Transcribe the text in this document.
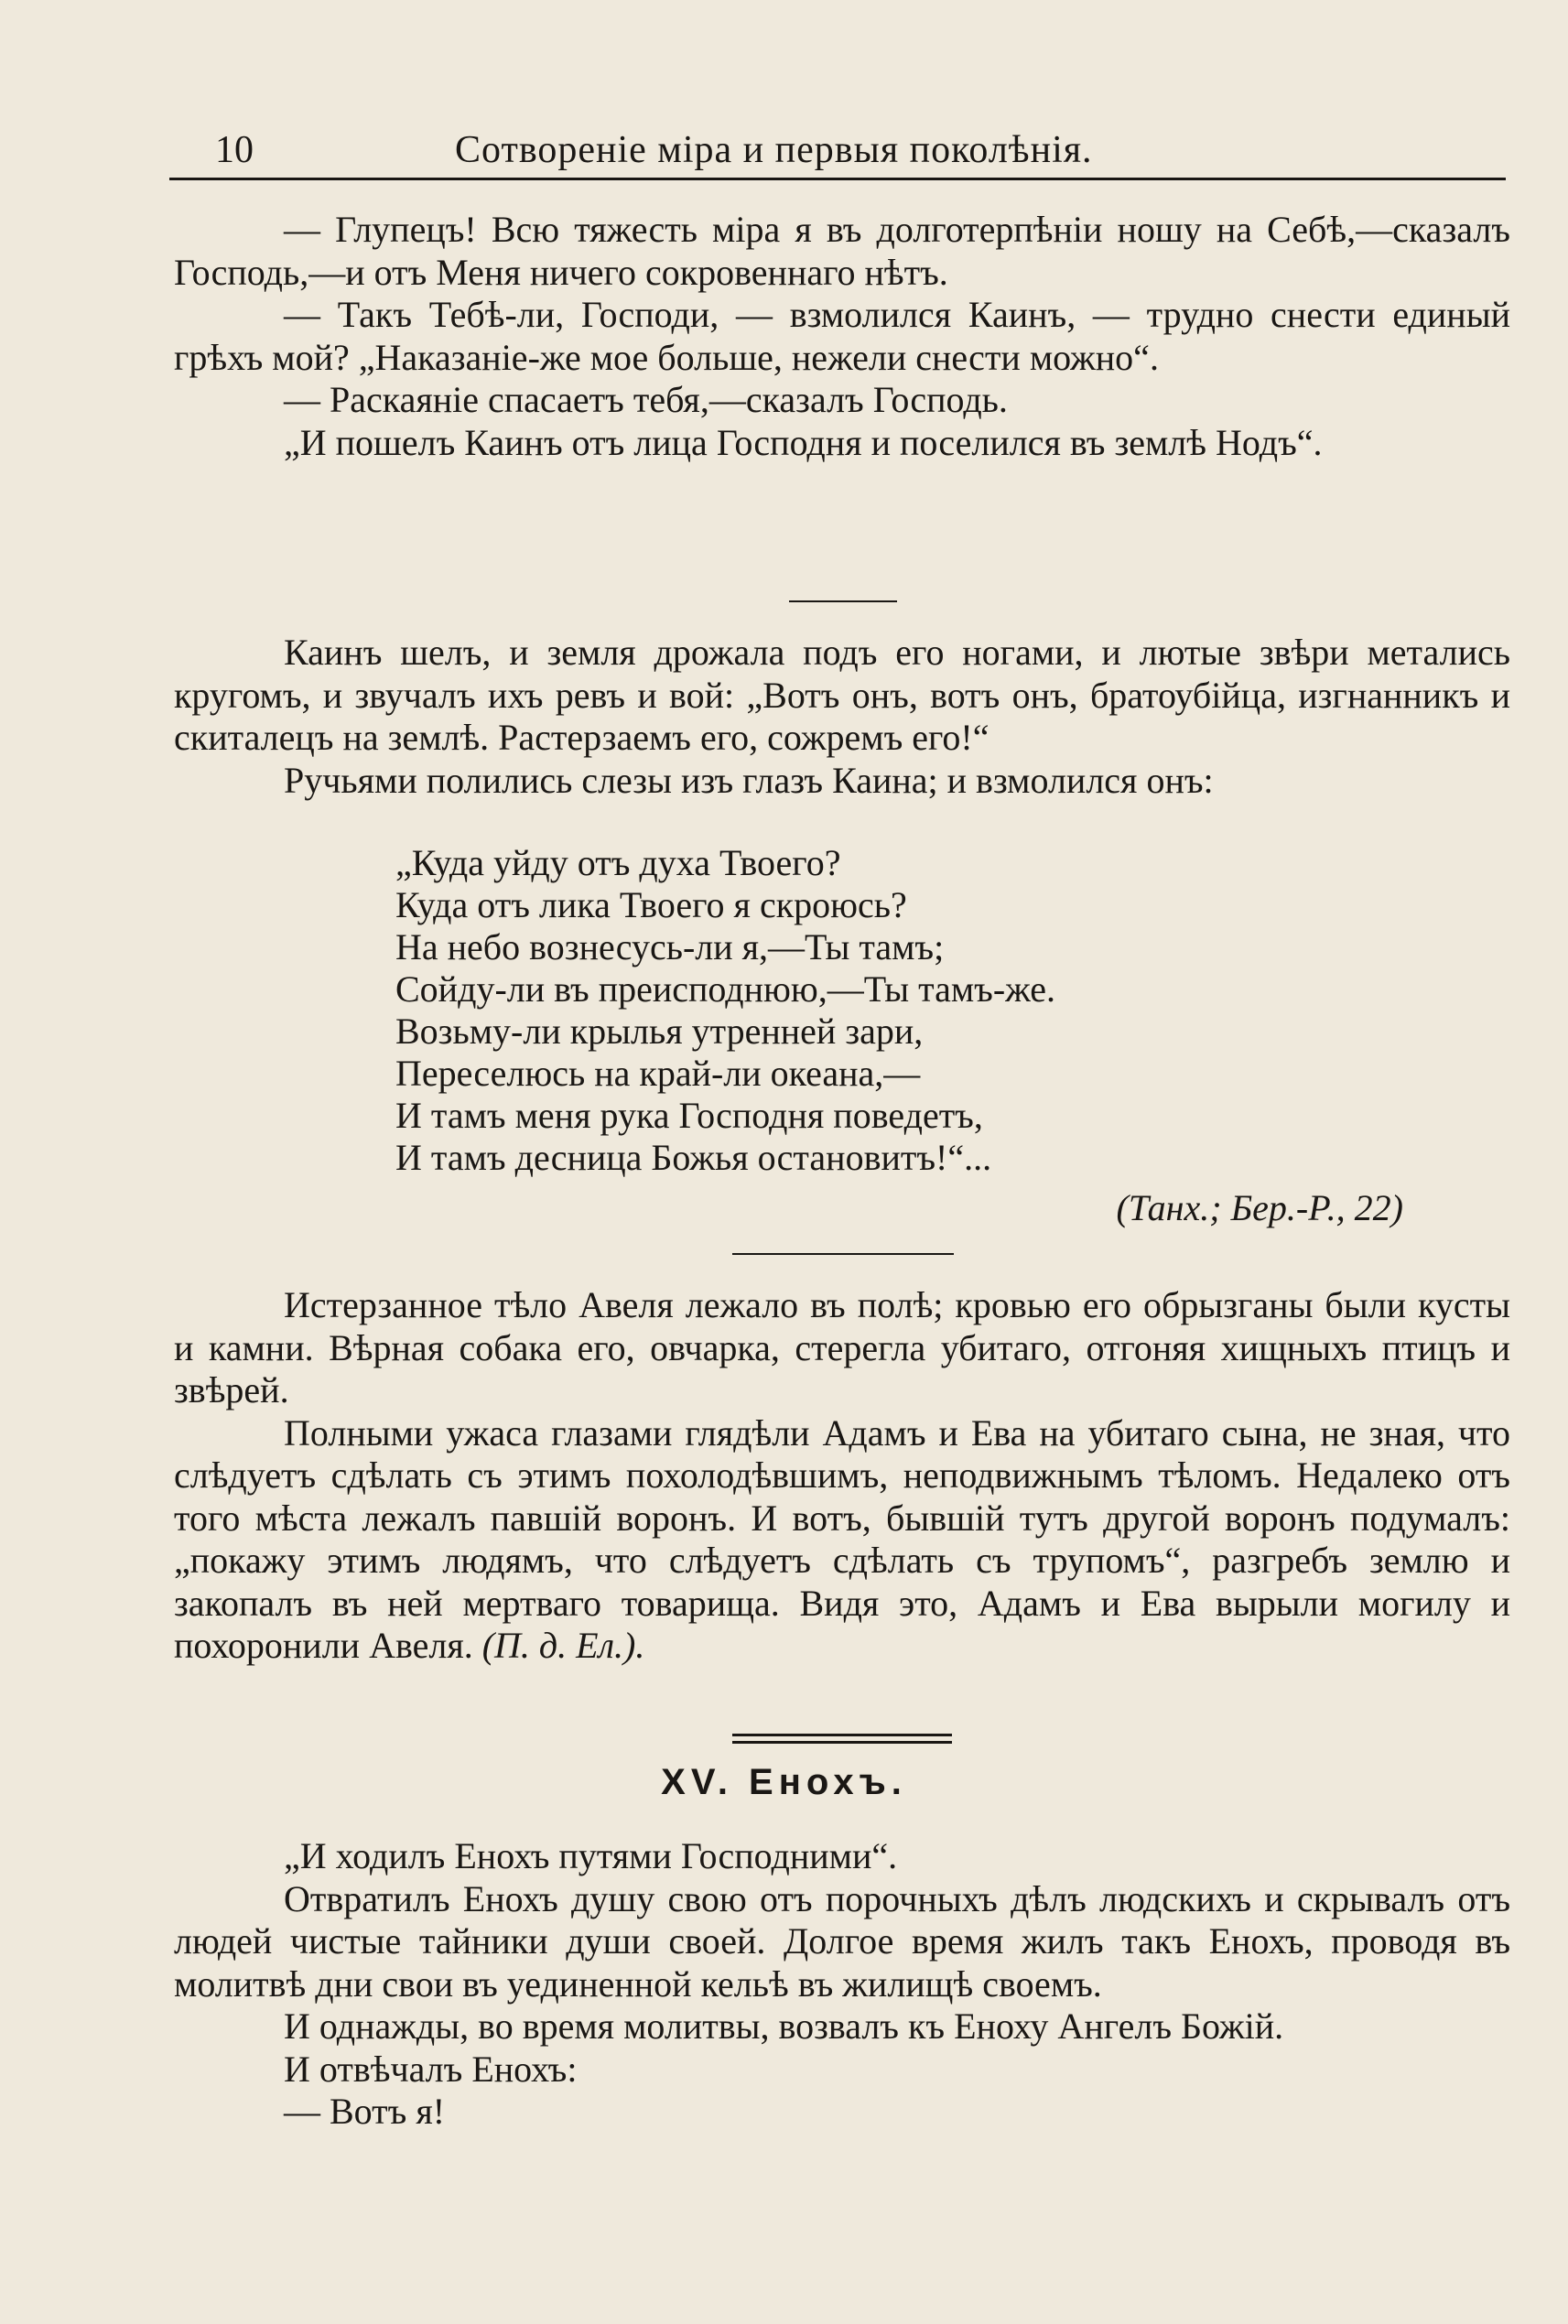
10	Сотвореніе міра и первыя поколѣнія.

— Глупецъ! Всю тяжесть міра я въ долготерпѣніи ношу на Себѣ,—сказалъ Господь,—и отъ Меня ничего сокровеннаго нѣтъ.

— Такъ Тебѣ-ли, Господи, — взмолился Каинъ, — трудно снести единый грѣхъ мой? „Наказаніе-же мое больше, нежели снести можно“.

— Раскаяніе спасаетъ тебя,—сказалъ Господь.

„И пошелъ Каинъ отъ лица Господня и поселился въ землѣ Нодъ“.

Каинъ шелъ, и земля дрожала подъ его ногами, и лютые звѣри метались кругомъ, и звучалъ ихъ ревъ и вой: „Вотъ онъ, вотъ онъ, братоубійца, изгнанникъ и скиталецъ на землѣ. Растерзаемъ его, сожремъ его!“

Ручьями полились слезы изъ глазъ Каина; и взмолился онъ:

„Куда уйду отъ духа Твоего?
Куда отъ лика Твоего я скроюсь?
На небо вознесусь-ли я,—Ты тамъ;
Сойду-ли въ преисподнюю,—Ты тамъ-же.
Возьму-ли крылья утренней зари,
Переселюсь на край-ли океана,—
И тамъ меня рука Господня поведетъ,
И тамъ десница Божья остановитъ!“...
(Танх.; Бер.-Р., 22)

Истерзанное тѣло Авеля лежало въ полѣ; кровью его обрызганы были кусты и камни. Вѣрная собака его, овчарка, стерегла убитаго, отгоняя хищныхъ птицъ и звѣрей.

Полными ужаса глазами глядѣли Адамъ и Ева на убитаго сына, не зная, что слѣдуетъ сдѣлать съ этимъ похолодѣвшимъ, неподвижнымъ тѣломъ. Недалеко отъ того мѣста лежалъ павшій воронъ. И вотъ, бывшій тутъ другой воронъ подумалъ: „покажу этимъ людямъ, что слѣдуетъ сдѣлать съ трупомъ“, разгребъ землю и закопалъ въ ней мертваго товарища. Видя это, Адамъ и Ева вырыли могилу и похоронили Авеля. (П. д. Ел.).

XV. Енохъ.

„И ходилъ Енохъ путями Господними“.

Отвратилъ Енохъ душу свою отъ порочныхъ дѣлъ людскихъ и скрывалъ отъ людей чистые тайники души своей. Долгое время жилъ такъ Енохъ, проводя въ молитвѣ дни свои въ уединенной кельѣ въ жилищѣ своемъ.

И однажды, во время молитвы, возвалъ къ Еноху Ангелъ Божій.

И отвѣчалъ Енохъ:

— Вотъ я!
